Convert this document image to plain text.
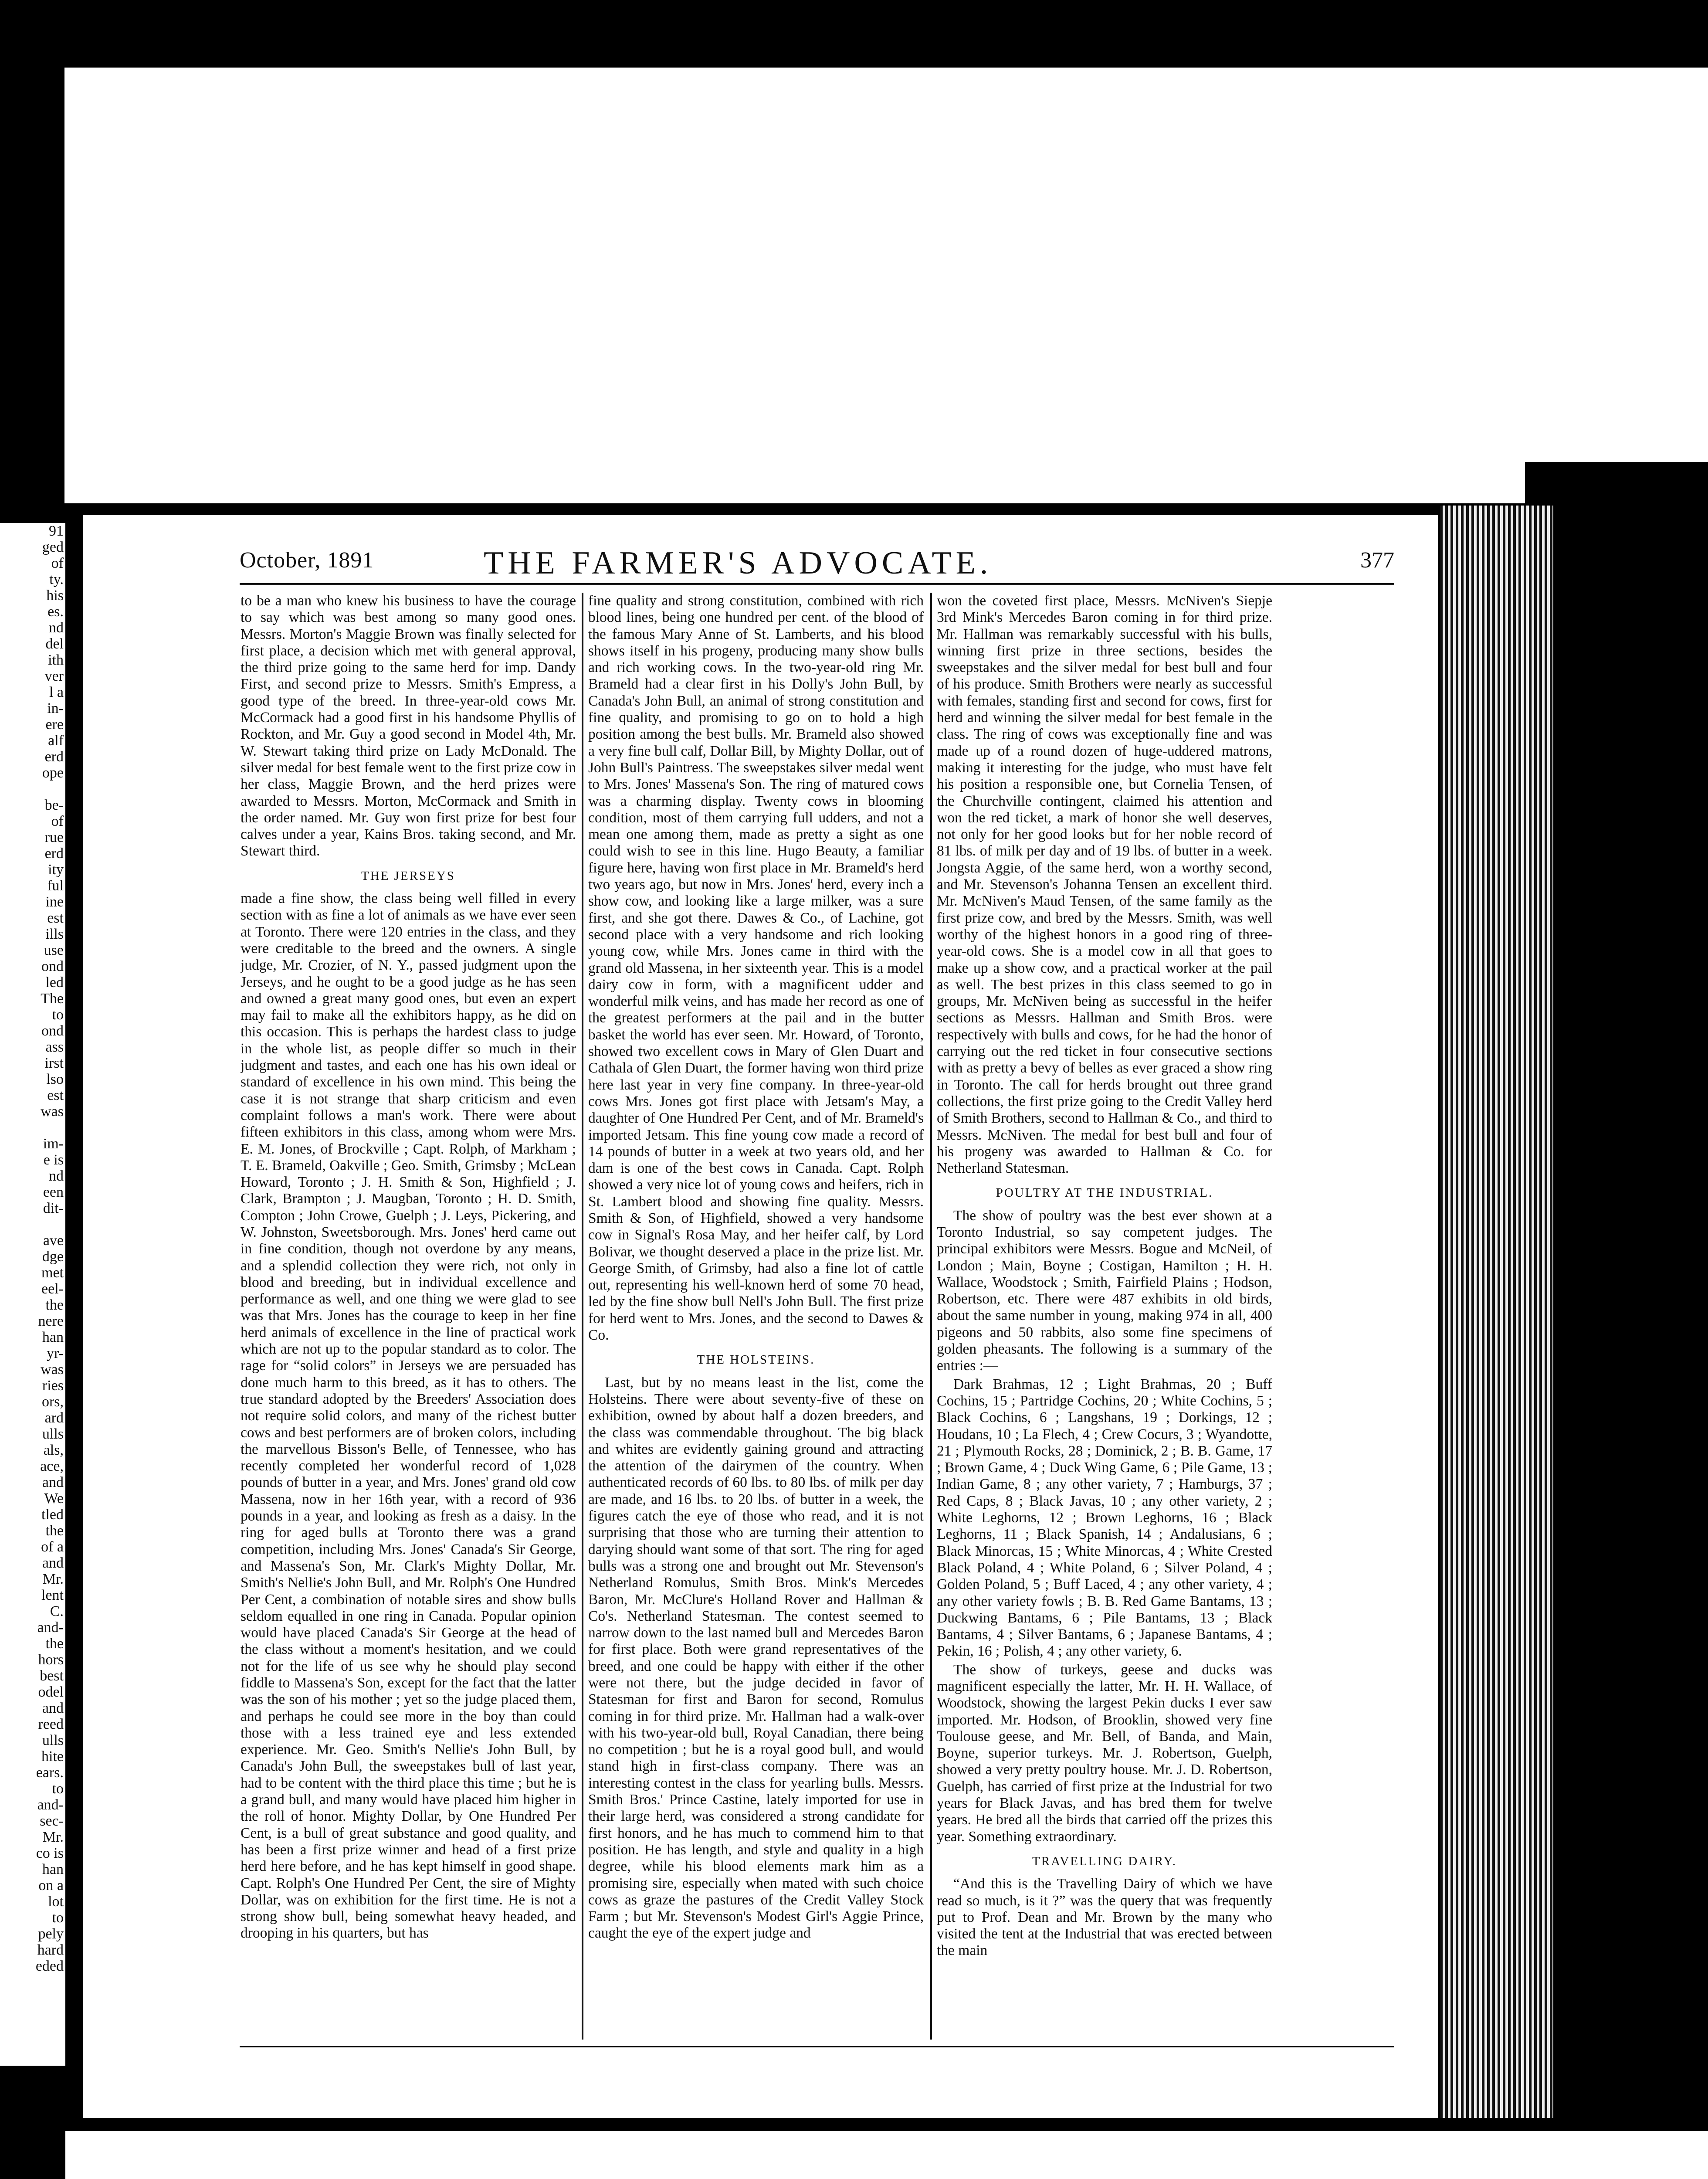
91
ged
of
ty.
his
es.
nd
del
ith
ver
l a
in-
ere
alf
erd
ope

be-
of
rue
erd
ity
ful
ine
est
ills
use
ond
led
The
to
ond
ass
irst
lso
est
was

im-
e is
nd
een
dit-

ave
dge
met
eel-
the
nere
han
yr-
was
ries
ors,
ard
ulls
als,
ace,
and
We
tled
the
of a
and
Mr.
lent
C.
and-
the
hors
best
odel
and
reed
ulls
hite
ears.
to
and-
sec-
Mr.
co is
han
on a
lot
to
pely
hard
eded
October, 1891	THE FARMER'S ADVOCATE.	377

to be a man who knew his business to have the courage to say which was best among so many good ones. Messrs. Morton's Maggie Brown was finally selected for first place, a decision which met with general approval, the third prize going to the same herd for imp. Dandy First, and second prize to Messrs. Smith's Empress, a good type of the breed. In three-year-old cows Mr. McCormack had a good first in his handsome Phyllis of Rockton, and Mr. Guy a good second in Model 4th, Mr. W. Stewart taking third prize on Lady McDonald. The silver medal for best female went to the first prize cow in her class, Maggie Brown, and the herd prizes were awarded to Messrs. Morton, McCormack and Smith in the order named. Mr. Guy won first prize for best four calves under a year, Kains Bros. taking second, and Mr. Stewart third.

THE JERSEYS

made a fine show, the class being well filled in every section with as fine a lot of animals as we have ever seen at Toronto. There were 120 entries in the class, and they were creditable to the breed and the owners. A single judge, Mr. Crozier, of N. Y., passed judgment upon the Jerseys, and he ought to be a good judge as he has seen and owned a great many good ones, but even an expert may fail to make all the exhibitors happy, as he did on this occasion. This is perhaps the hardest class to judge in the whole list, as people differ so much in their judgment and tastes, and each one has his own ideal or standard of excellence in his own mind. This being the case it is not strange that sharp criticism and even complaint follows a man's work. There were about fifteen exhibitors in this class, among whom were Mrs. E. M. Jones, of Brockville ; Capt. Rolph, of Markham ; T. E. Brameld, Oakville ; Geo. Smith, Grimsby ; McLean Howard, Toronto ; J. H. Smith & Son, Highfield ; J. Clark, Brampton ; J. Maugban, Toronto ; H. D. Smith, Compton ; John Crowe, Guelph ; J. Leys, Pickering, and W. Johnston, Sweetsborough. Mrs. Jones' herd came out in fine condition, though not overdone by any means, and a splendid collection they were rich, not only in blood and breeding, but in individual excellence and performance as well, and one thing we were glad to see was that Mrs. Jones has the courage to keep in her fine herd animals of excellence in the line of practical work which are not up to the popular standard as to color. The rage for “solid colors” in Jerseys we are persuaded has done much harm to this breed, as it has to others. The true standard adopted by the Breeders' Association does not require solid colors, and many of the richest butter cows and best performers are of broken colors, including the marvellous Bisson's Belle, of Tennessee, who has recently completed her wonderful record of 1,028 pounds of butter in a year, and Mrs. Jones' grand old cow Massena, now in her 16th year, with a record of 936 pounds in a year, and looking as fresh as a daisy. In the ring for aged bulls at Toronto there was a grand competition, including Mrs. Jones' Canada's Sir George, and Massena's Son, Mr. Clark's Mighty Dollar, Mr. Smith's Nellie's John Bull, and Mr. Rolph's One Hundred Per Cent, a combination of notable sires and show bulls seldom equalled in one ring in Canada. Popular opinion would have placed Canada's Sir George at the head of the class without a moment's hesitation, and we could not for the life of us see why he should play second fiddle to Massena's Son, except for the fact that the latter was the son of his mother ; yet so the judge placed them, and perhaps he could see more in the boy than could those with a less trained eye and less extended experience. Mr. Geo. Smith's Nellie's John Bull, by Canada's John Bull, the sweepstakes bull of last year, had to be content with the third place this time ; but he is a grand bull, and many would have placed him higher in the roll of honor. Mighty Dollar, by One Hundred Per Cent, is a bull of great substance and good quality, and has been a first prize winner and head of a first prize herd here before, and he has kept himself in good shape. Capt. Rolph's One Hundred Per Cent, the sire of Mighty Dollar, was on exhibition for the first time. He is not a strong show bull, being somewhat heavy headed, and drooping in his quarters, but has

fine quality and strong constitution, combined with rich blood lines, being one hundred per cent. of the blood of the famous Mary Anne of St. Lamberts, and his blood shows itself in his progeny, producing many show bulls and rich working cows. In the two-year-old ring Mr. Brameld had a clear first in his Dolly's John Bull, by Canada's John Bull, an animal of strong constitution and fine quality, and promising to go on to hold a high position among the best bulls. Mr. Brameld also showed a very fine bull calf, Dollar Bill, by Mighty Dollar, out of John Bull's Paintress. The sweepstakes silver medal went to Mrs. Jones' Massena's Son. The ring of matured cows was a charming display. Twenty cows in blooming condition, most of them carrying full udders, and not a mean one among them, made as pretty a sight as one could wish to see in this line. Hugo Beauty, a familiar figure here, having won first place in Mr. Brameld's herd two years ago, but now in Mrs. Jones' herd, every inch a show cow, and looking like a large milker, was a sure first, and she got there. Dawes & Co., of Lachine, got second place with a very handsome and rich looking young cow, while Mrs. Jones came in third with the grand old Massena, in her sixteenth year. This is a model dairy cow in form, with a magnificent udder and wonderful milk veins, and has made her record as one of the greatest performers at the pail and in the butter basket the world has ever seen. Mr. Howard, of Toronto, showed two excellent cows in Mary of Glen Duart and Cathala of Glen Duart, the former having won third prize here last year in very fine company. In three-year-old cows Mrs. Jones got first place with Jetsam's May, a daughter of One Hundred Per Cent, and of Mr. Brameld's imported Jetsam. This fine young cow made a record of 14 pounds of butter in a week at two years old, and her dam is one of the best cows in Canada. Capt. Rolph showed a very nice lot of young cows and heifers, rich in St. Lambert blood and showing fine quality. Messrs. Smith & Son, of Highfield, showed a very handsome cow in Signal's Rosa May, and her heifer calf, by Lord Bolivar, we thought deserved a place in the prize list. Mr. George Smith, of Grimsby, had also a fine lot of cattle out, representing his well-known herd of some 70 head, led by the fine show bull Nell's John Bull. The first prize for herd went to Mrs. Jones, and the second to Dawes & Co.

THE HOLSTEINS.

Last, but by no means least in the list, come the Holsteins. There were about seventy-five of these on exhibition, owned by about half a dozen breeders, and the class was commendable throughout. The big black and whites are evidently gaining ground and attracting the attention of the dairymen of the country. When authenticated records of 60 lbs. to 80 lbs. of milk per day are made, and 16 lbs. to 20 lbs. of butter in a week, the figures catch the eye of those who read, and it is not surprising that those who are turning their attention to darying should want some of that sort. The ring for aged bulls was a strong one and brought out Mr. Stevenson's Netherland Romulus, Smith Bros. Mink's Mercedes Baron, Mr. McClure's Holland Rover and Hallman & Co's. Netherland Statesman. The contest seemed to narrow down to the last named bull and Mercedes Baron for first place. Both were grand representatives of the breed, and one could be happy with either if the other were not there, but the judge decided in favor of Statesman for first and Baron for second, Romulus coming in for third prize. Mr. Hallman had a walk-over with his two-year-old bull, Royal Canadian, there being no competition ; but he is a royal good bull, and would stand high in first-class company. There was an interesting contest in the class for yearling bulls. Messrs. Smith Bros.' Prince Castine, lately imported for use in their large herd, was considered a strong candidate for first honors, and he has much to commend him to that position. He has length, and style and quality in a high degree, while his blood elements mark him as a promising sire, especially when mated with such choice cows as graze the pastures of the Credit Valley Stock Farm ; but Mr. Stevenson's Modest Girl's Aggie Prince, caught the eye of the expert judge and

won the coveted first place, Messrs. McNiven's Siepje 3rd Mink's Mercedes Baron coming in for third prize. Mr. Hallman was remarkably successful with his bulls, winning first prize in three sections, besides the sweepstakes and the silver medal for best bull and four of his produce. Smith Brothers were nearly as successful with females, standing first and second for cows, first for herd and winning the silver medal for best female in the class. The ring of cows was exceptionally fine and was made up of a round dozen of huge-uddered matrons, making it interesting for the judge, who must have felt his position a responsible one, but Cornelia Tensen, of the Churchville contingent, claimed his attention and won the red ticket, a mark of honor she well deserves, not only for her good looks but for her noble record of 81 lbs. of milk per day and of 19 lbs. of butter in a week. Jongsta Aggie, of the same herd, won a worthy second, and Mr. Stevenson's Johanna Tensen an excellent third. Mr. McNiven's Maud Tensen, of the same family as the first prize cow, and bred by the Messrs. Smith, was well worthy of the highest honors in a good ring of three-year-old cows. She is a model cow in all that goes to make up a show cow, and a practical worker at the pail as well. The best prizes in this class seemed to go in groups, Mr. McNiven being as successful in the heifer sections as Messrs. Hallman and Smith Bros. were respectively with bulls and cows, for he had the honor of carrying out the red ticket in four consecutive sections with as pretty a bevy of belles as ever graced a show ring in Toronto. The call for herds brought out three grand collections, the first prize going to the Credit Valley herd of Smith Brothers, second to Hallman & Co., and third to Messrs. McNiven. The medal for best bull and four of his progeny was awarded to Hallman & Co. for Netherland Statesman.

POULTRY AT THE INDUSTRIAL.

The show of poultry was the best ever shown at a Toronto Industrial, so say competent judges. The principal exhibitors were Messrs. Bogue and McNeil, of London ; Main, Boyne ; Costigan, Hamilton ; H. H. Wallace, Woodstock ; Smith, Fairfield Plains ; Hodson, Robertson, etc. There were 487 exhibits in old birds, about the same number in young, making 974 in all, 400 pigeons and 50 rabbits, also some fine specimens of golden pheasants. The following is a summary of the entries :—

Dark Brahmas, 12 ; Light Brahmas, 20 ; Buff Cochins, 15 ; Partridge Cochins, 20 ; White Cochins, 5 ; Black Cochins, 6 ; Langshans, 19 ; Dorkings, 12 ; Houdans, 10 ; La Flech, 4 ; Crew Cocurs, 3 ; Wyandotte, 21 ; Plymouth Rocks, 28 ; Dominick, 2 ; B. B. Game, 17 ; Brown Game, 4 ; Duck Wing Game, 6 ; Pile Game, 13 ; Indian Game, 8 ; any other variety, 7 ; Hamburgs, 37 ; Red Caps, 8 ; Black Javas, 10 ; any other variety, 2 ; White Leghorns, 12 ; Brown Leghorns, 16 ; Black Leghorns, 11 ; Black Spanish, 14 ; Andalusians, 6 ; Black Minorcas, 15 ; White Minorcas, 4 ; White Crested Black Poland, 4 ; White Poland, 6 ; Silver Poland, 4 ; Golden Poland, 5 ; Buff Laced, 4 ; any other variety, 4 ; any other variety fowls ; B. B. Red Game Bantams, 13 ; Duckwing Bantams, 6 ; Pile Bantams, 13 ; Black Bantams, 4 ; Silver Bantams, 6 ; Japanese Bantams, 4 ; Pekin, 16 ; Polish, 4 ; any other variety, 6.

The show of turkeys, geese and ducks was magnificent especially the latter, Mr. H. H. Wallace, of Woodstock, showing the largest Pekin ducks I ever saw imported. Mr. Hodson, of Brooklin, showed very fine Toulouse geese, and Mr. Bell, of Banda, and Main, Boyne, superior turkeys. Mr. J. Robertson, Guelph, showed a very pretty poultry house. Mr. J. D. Robertson, Guelph, has carried of first prize at the Industrial for two years for Black Javas, and has bred them for twelve years. He bred all the birds that carried off the prizes this year. Something extraordinary.

TRAVELLING DAIRY.

“And this is the Travelling Dairy of which we have read so much, is it ?” was the query that was frequently put to Prof. Dean and Mr. Brown by the many who visited the tent at the Industrial that was erected between the main
